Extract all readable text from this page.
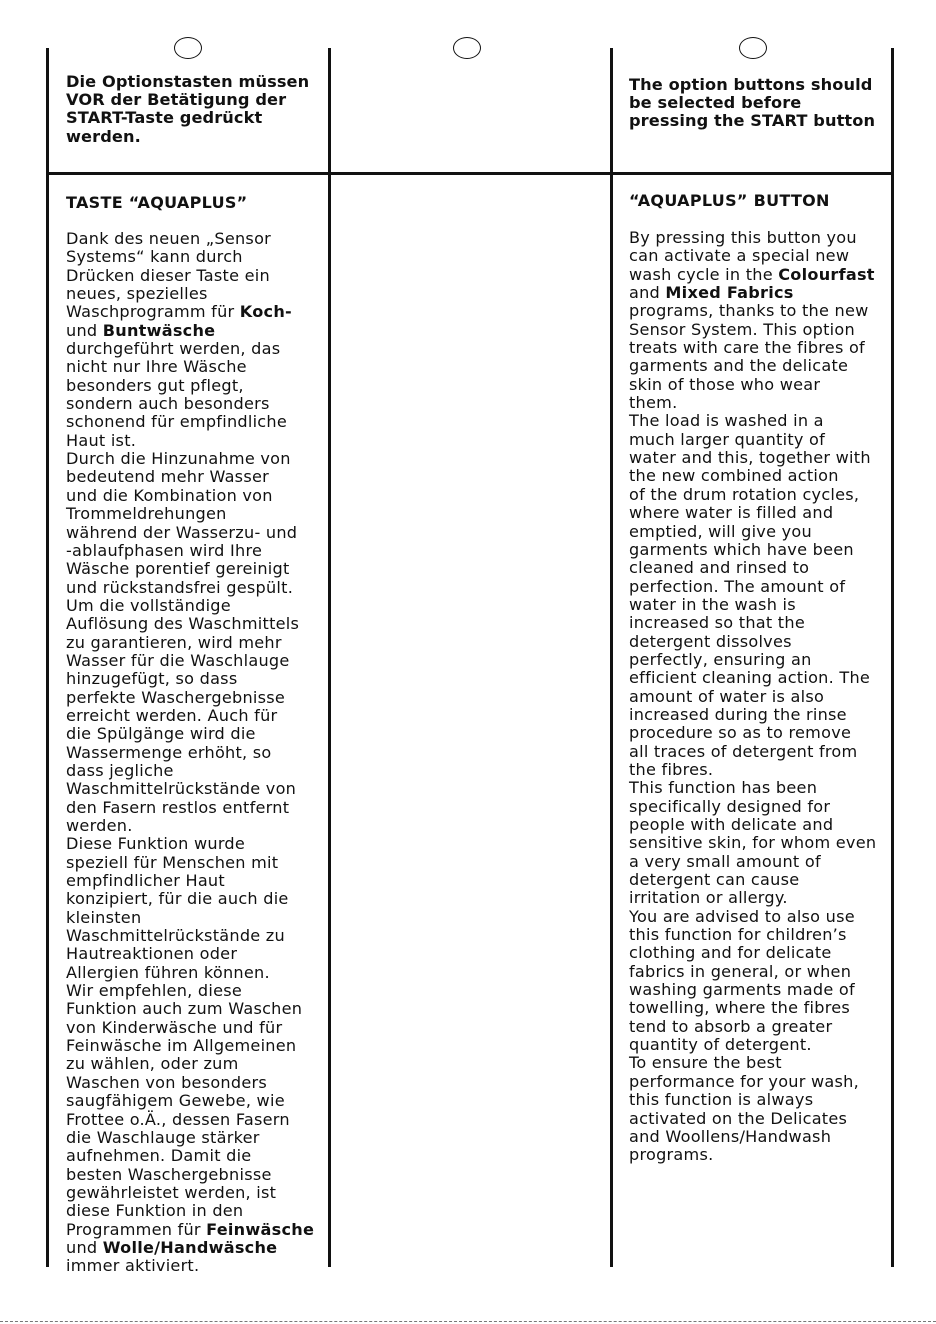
Die Optionstasten müssen VOR der Betätigung der START-Taste gedrückt werden.
The option buttons should be selected before pressing the START button
TASTE “AQUAPLUS”
Dank des neuen „Sensor
Systems“ kann durch
Drücken dieser Taste ein
neues, spezielles
Waschprogramm für Koch-
und Buntwäsche
durchgeführt werden, das
nicht nur Ihre Wäsche
besonders gut pflegt,
sondern auch besonders
schonend für empfindliche
Haut ist.
Durch die Hinzunahme von
bedeutend mehr Wasser
und die Kombination von
Trommeldrehungen
während der Wasserzu- und
-ablaufphasen wird Ihre
Wäsche porentief gereinigt
und rückstandsfrei gespült.
Um die vollständige
Auflösung des Waschmittels
zu garantieren, wird mehr
Wasser für die Waschlauge
hinzugefügt, so dass
perfekte Waschergebnisse
erreicht werden. Auch für
die Spülgänge wird die
Wassermenge erhöht, so
dass jegliche
Waschmittelrückstände von
den Fasern restlos entfernt
werden.
Diese Funktion wurde
speziell für Menschen mit
empfindlicher Haut
konzipiert, für die auch die
kleinsten
Waschmittelrückstände zu
Hautreaktionen oder
Allergien führen können.
Wir empfehlen, diese
Funktion auch zum Waschen
von Kinderwäsche und für
Feinwäsche im Allgemeinen
zu wählen, oder zum
Waschen von besonders
saugfähigem Gewebe, wie
Frottee o.Ä., dessen Fasern
die Waschlauge stärker
aufnehmen. Damit die
besten Waschergebnisse
gewährleistet werden, ist
diese Funktion in den
Programmen für Feinwäsche
und Wolle/Handwäsche
immer aktiviert.
“AQUAPLUS” BUTTON
By pressing this button you
can activate a special new
wash cycle in the Colourfast
and Mixed Fabrics
programs, thanks to the new
Sensor System. This option
treats with care the fibres of
garments and the delicate
skin of those who wear
them.
The load is washed in a
much larger quantity of
water and this, together with
the new combined action
of the drum rotation cycles,
where water is filled and
emptied, will give you
garments which have been
cleaned and rinsed to
perfection. The amount of
water in the wash is
increased so that the
detergent dissolves
perfectly, ensuring an
efficient cleaning action. The
amount of water is also
increased during the rinse
procedure so as to remove
all traces of detergent from
the fibres.
This function has been
specifically designed for
people with delicate and
sensitive skin, for whom even
a very small amount of
detergent can cause
irritation or allergy.
You are advised to also use
this function for children’s
clothing and for delicate
fabrics in general, or when
washing garments made of
towelling, where the fibres
tend to absorb a greater
quantity of detergent.
To ensure the best
performance for your wash,
this function is always
activated on the Delicates
and Woollens/Handwash
programs.
